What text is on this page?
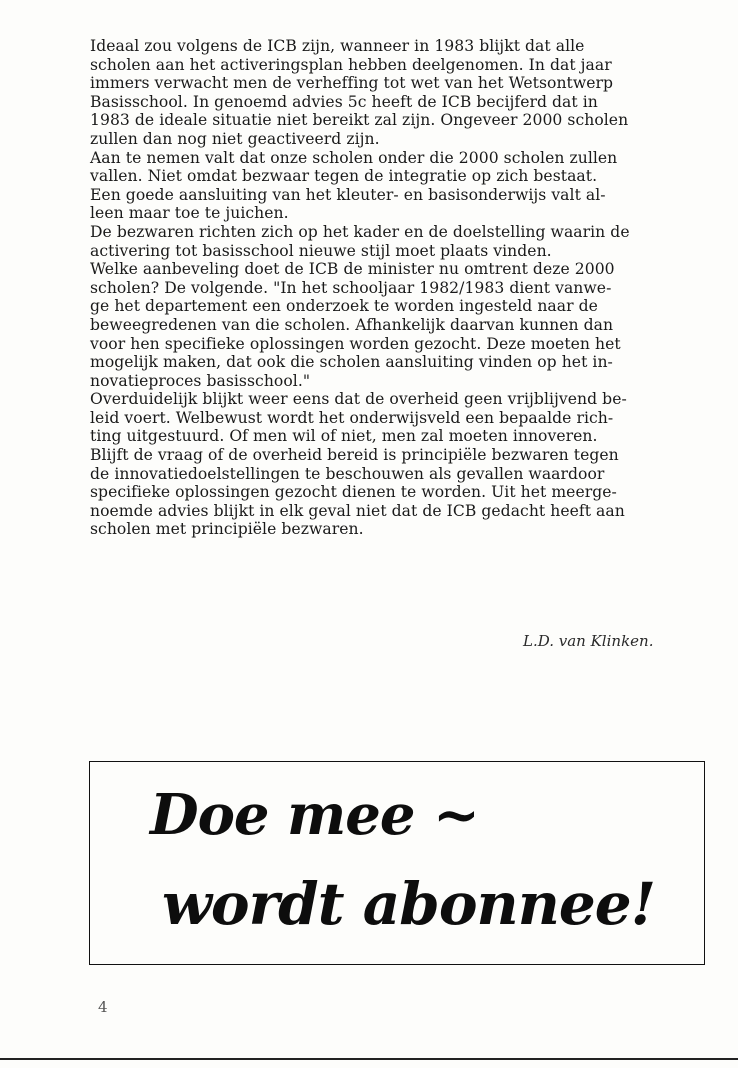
Ideaal zou volgens de ICB zijn, wanneer in 1983 blijkt dat alle
scholen aan het activeringsplan hebben deelgenomen. In dat jaar
immers verwacht men de verheffing tot wet van het Wetsontwerp
Basisschool. In genoemd advies 5c heeft de ICB becijferd dat in
1983 de ideale situatie niet bereikt zal zijn. Ongeveer 2000 scholen
zullen dan nog niet geactiveerd zijn.
Aan te nemen valt dat onze scholen onder die 2000 scholen zullen
vallen. Niet omdat bezwaar tegen de integratie op zich bestaat.
Een goede aansluiting van het kleuter- en basisonderwijs valt al-
leen maar toe te juichen.
De bezwaren richten zich op het kader en de doelstelling waarin de
activering tot basisschool nieuwe stijl moet plaats vinden.
Welke aanbeveling doet de ICB de minister nu omtrent deze 2000
scholen? De volgende. "In het schooljaar 1982/1983 dient vanwe-
ge het departement een onderzoek te worden ingesteld naar de
beweegredenen van die scholen. Afhankelijk daarvan kunnen dan
voor hen specifieke oplossingen worden gezocht. Deze moeten het
mogelijk maken, dat ook die scholen aansluiting vinden op het in-
novatieproces basisschool."
Overduidelijk blijkt weer eens dat de overheid geen vrijblijvend be-
leid voert. Welbewust wordt het onderwijsveld een bepaalde rich-
ting uitgestuurd. Of men wil of niet, men zal moeten innoveren.
Blijft de vraag of de overheid bereid is principiële bezwaren tegen
de innovatiedoelstellingen te beschouwen als gevallen waardoor
specifieke oplossingen gezocht dienen te worden. Uit het meerge-
noemde advies blijkt in elk geval niet dat de ICB gedacht heeft aan
scholen met principiële bezwaren.
L.D. van Klinken.
Doe mee ~
wordt abonnee!
4
